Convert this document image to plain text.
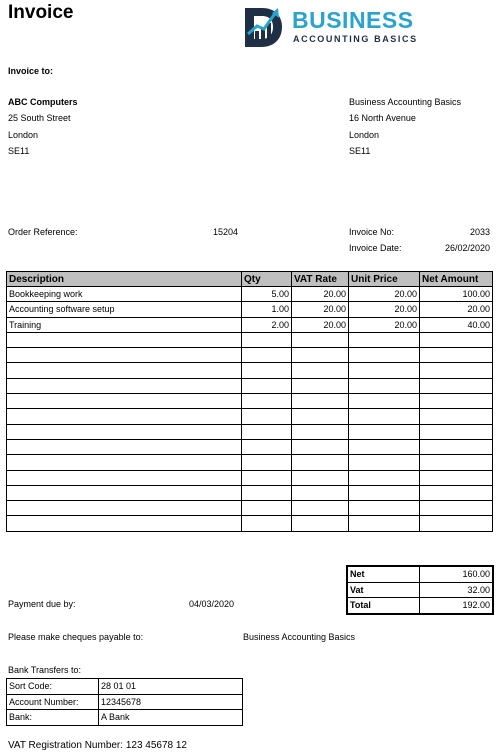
Invoice	BUSINESS
ACCOUNTING BASICS
Invoice to:
ABC Computers
25 South Street
London
SE11
Business Accounting Basics
16 North Avenue
London
SE11
Order Reference:	15204	Invoice No:	2033
Invoice Date:	26/02/2020
Description	Qty	VAT Rate	Unit Price	Net Amount
Bookkeeping work	5.00	20.00	20.00	100.00
Accounting software setup	1.00	20.00	20.00	20.00
Training	2.00	20.00	20.00	40.00

Net	160.00
Vat	32.00
Total	192.00
Payment due by:	04/03/2020
Please make cheques payable to:	Business Accounting Basics
Bank Transfers to:
Sort Code:	28 01 01
Account Number:	12345678
Bank:	A Bank
VAT Registration Number: 123 45678 12
